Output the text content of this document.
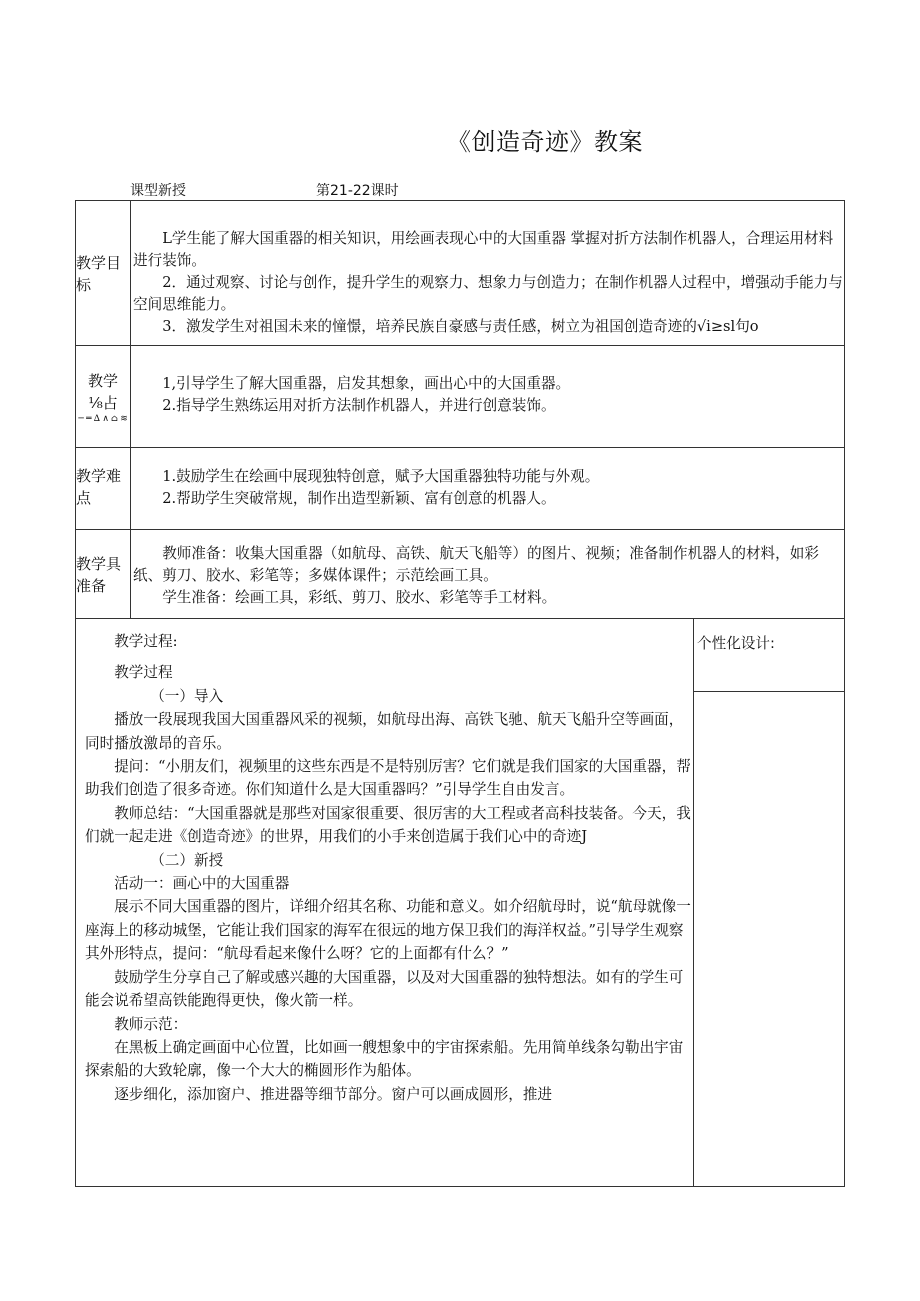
《创造奇迹》教案
课型新授	第21-22课时
教学目标

L学生能了解大国重器的相关知识，用绘画表现心中的大国重器 掌握对折方法制作机器人，合理运用材料进行装饰。

2．通过观察、讨论与创作，提升学生的观察力、想象力与创造力；在制作机器人过程中，增强动手能力与空间思维能力。

3．激发学生对祖国未来的憧憬，培养民族自豪感与责任感，树立为祖国创造奇迹的√i≥sl句o

教学
⅛占
─ ═ ∆ ∧ ⌂ ≋

1,引导学生了解大国重器，启发其想象，画出心中的大国重器。

2.指导学生熟练运用对折方法制作机器人，并进行创意装饰。

教学难点

1.鼓励学生在绘画中展现独特创意，赋予大国重器独特功能与外观。

2.帮助学生突破常规，制作出造型新颖、富有创意的机器人。

教学具准备

教师准备：收集大国重器（如航母、高铁、航天飞船等）的图片、视频；准备制作机器人的材料，如彩纸、剪刀、胶水、彩笔等；多媒体课件；示范绘画工具。

学生准备：绘画工具，彩纸、剪刀、胶水、彩笔等手工材料。

教学过程:

教学过程

（一）导入

播放一段展现我国大国重器风采的视频，如航母出海、高铁飞驰、航天飞船升空等画面，同时播放激昂的音乐。

提问：“小朋友们，视频里的这些东西是不是特别厉害？它们就是我们国家的大国重器，帮助我们创造了很多奇迹。你们知道什么是大国重器吗？”引导学生自由发言。

教师总结：“大国重器就是那些对国家很重要、很厉害的大工程或者高科技装备。今天，我们就一起走进《创造奇迹》的世界，用我们的小手来创造属于我们心中的奇迹J

（二）新授

活动一：画心中的大国重器

展示不同大国重器的图片，详细介绍其名称、功能和意义。如介绍航母时，说“航母就像一座海上的移动城堡，它能让我们国家的海军在很远的地方保卫我们的海洋权益。”引导学生观察其外形特点，提问：“航母看起来像什么呀？它的上面都有什么？”

鼓励学生分享自己了解或感兴趣的大国重器，以及对大国重器的独特想法。如有的学生可能会说希望高铁能跑得更快，像火箭一样。

教师示范：

在黑板上确定画面中心位置，比如画一艘想象中的宇宙探索船。先用简单线条勾勒出宇宙探索船的大致轮廓，像一个大大的椭圆形作为船体。

逐步细化，添加窗户、推进器等细节部分。窗户可以画成圆形，推进

个性化设计:
